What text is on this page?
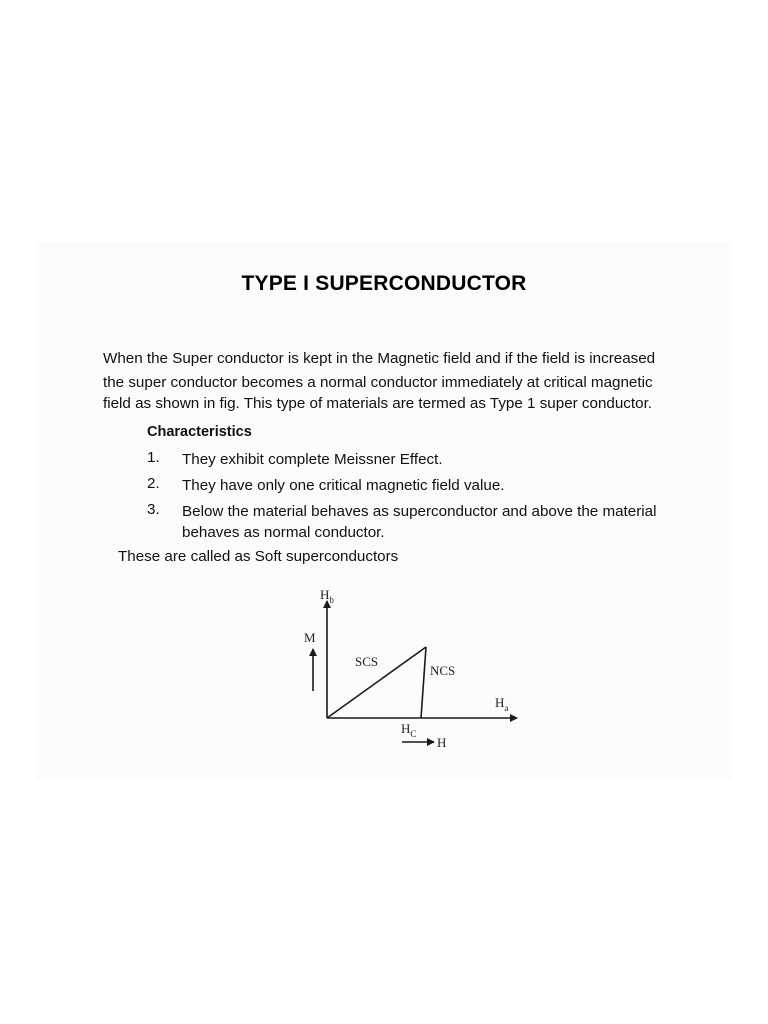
TYPE I SUPERCONDUCTOR

When the Super conductor is kept in the Magnetic field and if the field is increased
the super conductor becomes a normal conductor immediately at critical magnetic
field as shown in fig. This type of materials are termed as Type 1 super conductor.

Characteristics
1. They exhibit complete Meissner Effect.
2. They have only one critical magnetic field value.
3. Below the material behaves as superconductor and above the material
behaves as normal conductor.

These are called as Soft superconductors

$H_b$
M
SCS
NCS
$H_a$
$H_C$
H
